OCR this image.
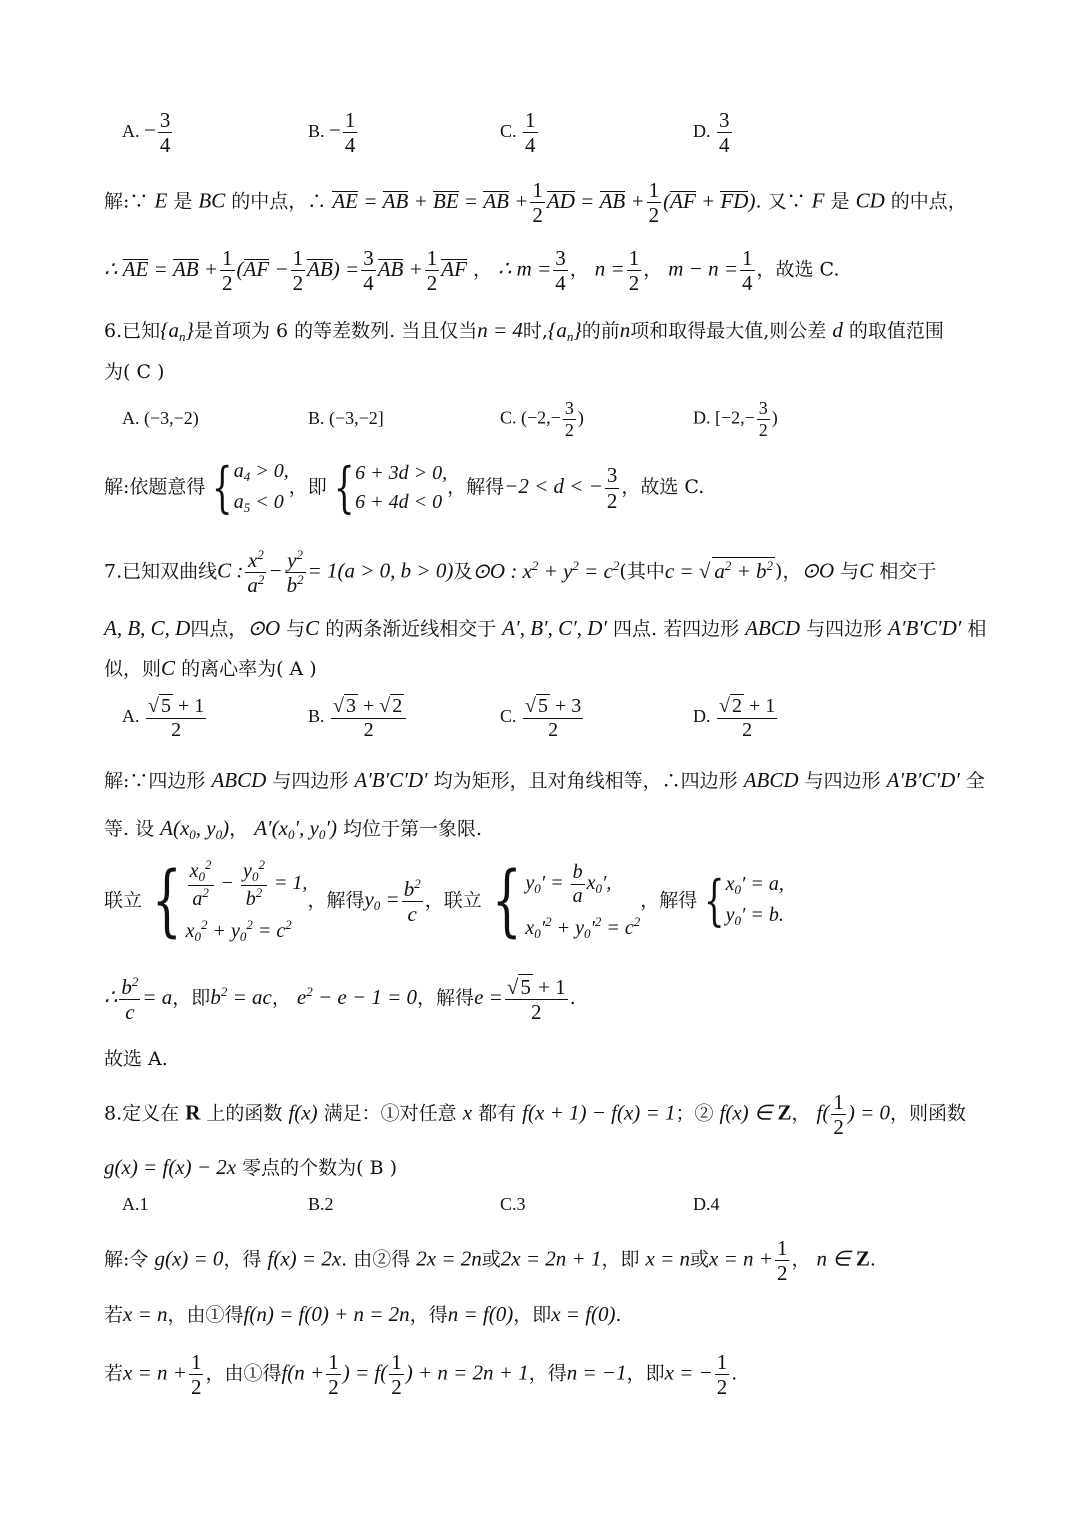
A. − $\frac{3}{4}$	B. − $\frac{1}{4}$	C. $\frac{1}{4}$	D. $\frac{3}{4}$
解:∵ E 是 BC 的中点，∴ AE = AB + BE = AB + $\frac{1}{2}$ AD = AB + $\frac{1}{2} (AF + FD)$. 又∵ F 是 CD 的中点，
∴ AE = AB + $\frac{1}{2} (AF - \frac{1}{2} AB) = \frac{3}{4}$ AB + $\frac{1}{2}$ AF ， ∴ $m = \frac{3}{4}$ ， $n = \frac{1}{2}$ ， $m - n = \frac{1}{4}$ ，故选 C.
6.已知$\{a_n\}$是首项为 6 的等差数列. 当且仅当n = 4时$,\{a_n\}$的前n项和取得最大值,则公差 d 的取值范围
为( C )
A. (−3,−2)	B. (−3,−2]	C. ($-2,- \frac{3}{2}$ )	D. [$-2,- \frac{3}{2}$ )
解:依题意得 { $a_4 > 0$,
$a_5 < 0$
，即 { 6 + 3d > 0,
6 + 4d < 0
，解得−2 < d < − $\frac{3}{2}$ ，故选 C.
7.已知双曲线C : $\frac{x^2}{a^2} - \frac{y^2}{b^2} = 1(a > 0$, b > 0)及⊙O : $x^2 + y^2 = c^2$(其中c = √ $a^2 + b^2$ )，⊙O 与C 相交于
A, B, C, D四点，⊙O 与C 的两条渐近线相交于 A′, B′, C′, D′ 四点. 若四边形 ABCD 与四边形 A′B′C′D′ 相
似，则C 的离心率为( A )
A. $\frac{√ 5 + 1}{2}$	B. $\frac{√ 3 + √ 2}{2}$	C. $\frac{√ 5 + 3}{2}$	D. $\frac{√ 2 + 1}{2}$
解:∵四边形 ABCD 与四边形 A′B′C′D′ 均为矩形，且对角线相等，∴四边形 ABCD 与四边形 A′B′C′D′ 全
等. 设 $A(x_0$, $y_0$)， $A'(x_0'$, $y_0'$) 均位于第一象限.
联立 { $\frac{x_0^2}{a^2} - \frac{y_0^2}{b^2} = 1$,
$x_0^2 + y_0^2 = c^2$
，解得$y_0 = \frac{b^2}{c}$ ，联立 { $y_0' = \frac{b}{a} x_0'$,
$x_0'^2 + y_0'^2 = c^2$
，解得 { $x_0' = a$,
$y_0' = b$.
∴ $\frac{b^2}{c} = a$，即$b^2$ = ac， $e^2 - e - 1 = 0$，解得$e = \frac{√5 + 1}{2}$ .
故选 A.
8.定义在 R 上的函数 f(x) 满足：①对任意 x 都有 f(x + 1) − f(x) = 1；② f(x) ∈ Z， $f( \frac{1}{2}$ ) = 0，则函数
g(x) = f(x) − 2x 零点的个数为( B )
A.1	B.2	C.3	D.4
解:令 g(x) = 0，得 f(x) = 2x. 由②得 2x = 2n或2x = 2n + 1，即 x = n或$x = n + \frac{1}{2}$ ， n ∈ Z.
若x = n，由①得f(n) = f(0) + n = 2n，得n = f(0)，即x = f(0).
若$x = n + \frac{1}{2}$ ，由①得$f(n + \frac{1}{2}$ ) = $f( \frac{1}{2}$ ) + n = 2n + 1，得n = −1，即x = − $\frac{1}{2}$ .
